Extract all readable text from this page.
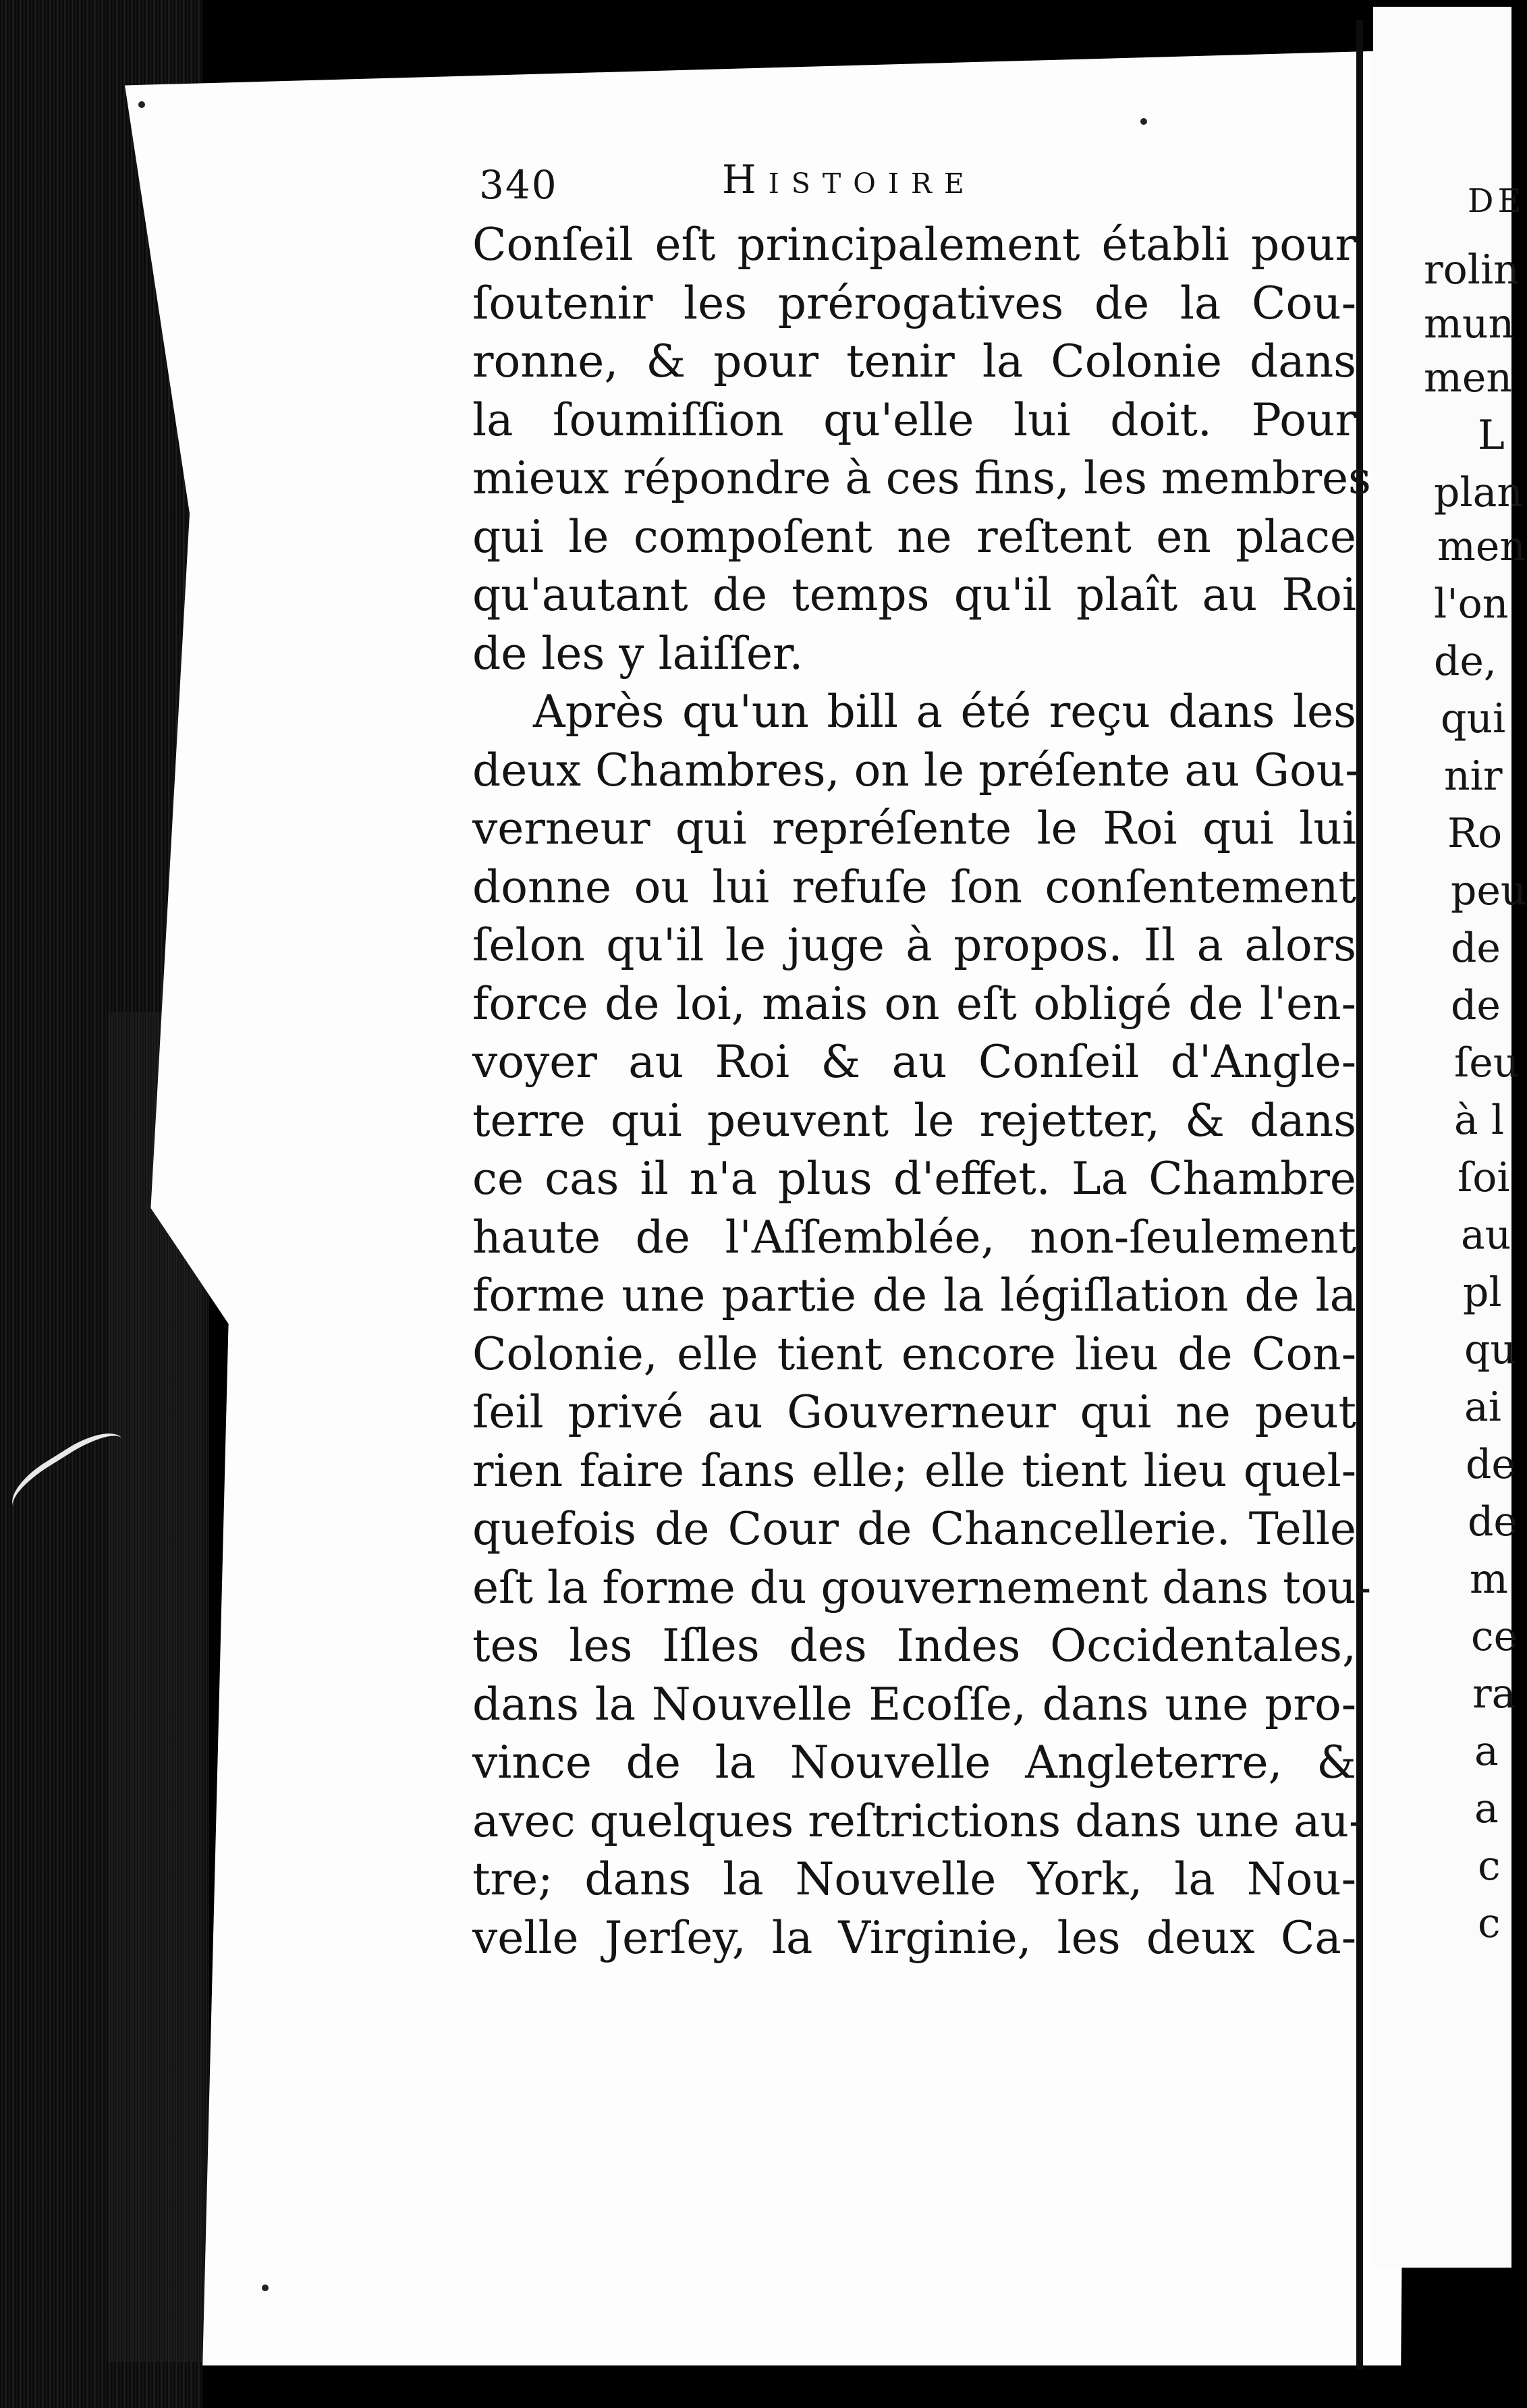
340	Histoire
Conſeil eſt principalement établi pour
ſoutenir les prérogatives de la Cou-
ronne, & pour tenir la Colonie dans
la ſoumiſſion qu'elle lui doit. Pour
mieux répondre à ces fins, les membres
qui le compoſent ne reſtent en place
qu'autant de temps qu'il plaît au Roi
de les y laiſſer.
Après qu'un bill a été reçu dans les
deux Chambres, on le préſente au Gou-
verneur qui repréſente le Roi qui lui
donne ou lui refuſe ſon conſentement
ſelon qu'il le juge à propos. Il a alors
force de loi, mais on eſt obligé de l'en-
voyer au Roi & au Conſeil d'Angle-
terre qui peuvent le rejetter, & dans
ce cas il n'a plus d'effet. La Chambre
haute de l'Aſſemblée, non-ſeulement
forme une partie de la légiſlation de la
Colonie, elle tient encore lieu de Con-
ſeil privé au Gouverneur qui ne peut
rien faire ſans elle; elle tient lieu quel-
quefois de Cour de Chancellerie. Telle
eſt la forme du gouvernement dans tou-
tes les Iſles des Indes Occidentales,
dans la Nouvelle Ecoſſe, dans une pro-
vince de la Nouvelle Angleterre, &
avec quelques reſtrictions dans une au-
tre; dans la Nouvelle York, la Nou-
velle Jerſey, la Virginie, les deux Ca-
DE
rolin
mun
men
L
plan
men
l'on
de,
qui
nir
Ro
peu
de
de
ſeu
à l
ſoi
au
pl
qu
ai
de
de
m
ce
ra
a
a
c
c
